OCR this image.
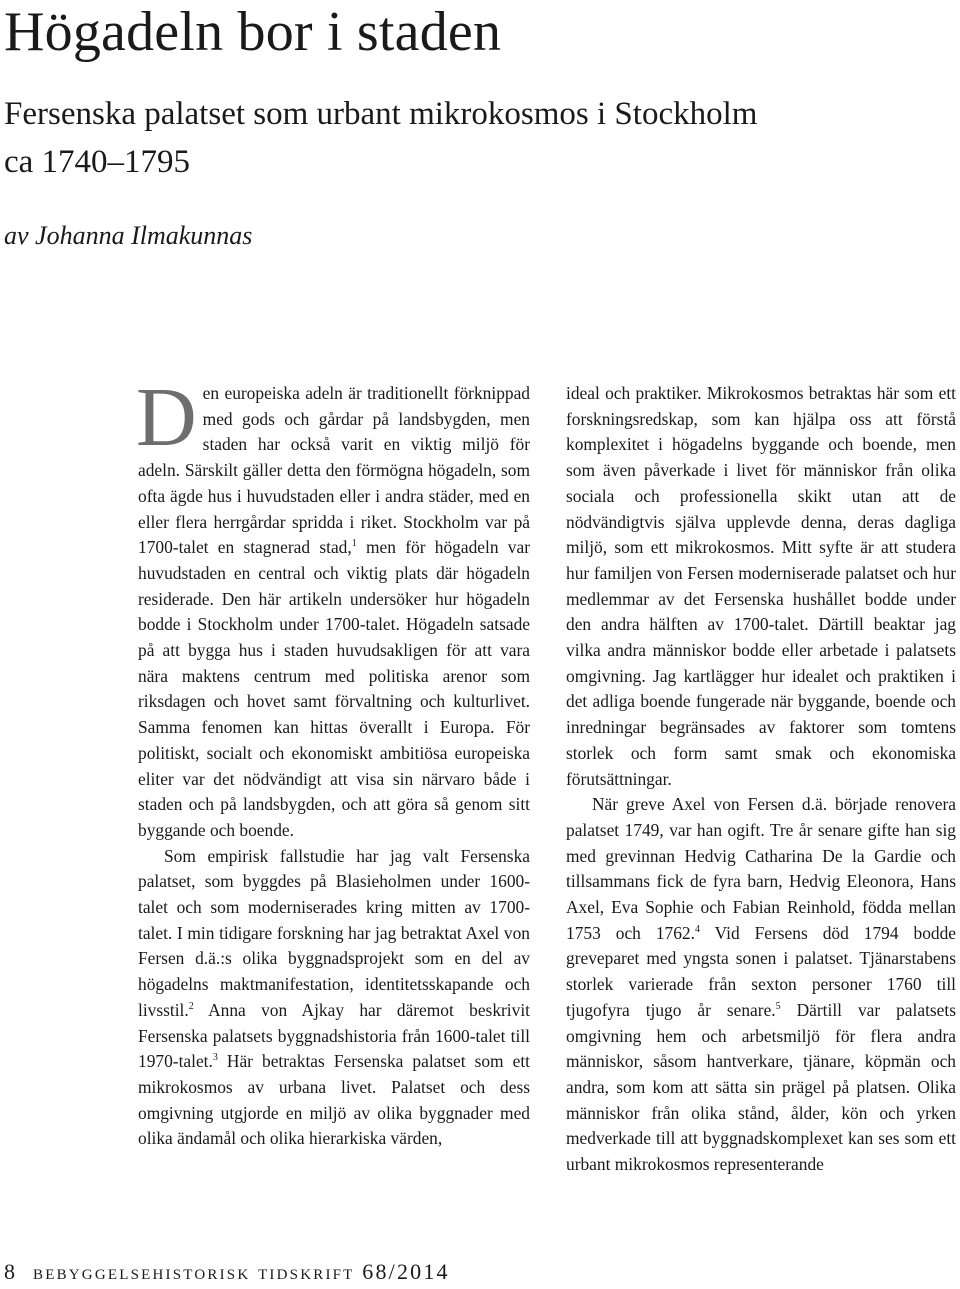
Högadeln bor i staden
Fersenska palatset som urbant mikrokosmos i Stockholm
ca 1740–1795
av Johanna Ilmakunnas

Den europeiska adeln är traditionellt förknippad med gods och gårdar på landsbygden, men staden har också varit en viktig miljö för adeln. Särskilt gäller detta den förmögna högadeln, som ofta ägde hus i huvudstaden eller i andra städer, med en eller flera herrgårdar spridda i riket. Stockholm var på 1700-talet en stagnerad stad,$^1$ men för högadeln var huvudstaden en central och viktig plats där högadeln residerade. Den här artikeln undersöker hur högadeln bodde i Stockholm under 1700-talet. Högadeln satsade på att bygga hus i staden huvudsakligen för att vara nära maktens centrum med politiska arenor som riksdagen och hovet samt förvaltning och kulturlivet. Samma fenomen kan hittas överallt i Europa. För politiskt, socialt och ekonomiskt ambitiösa europeiska eliter var det nödvändigt att visa sin närvaro både i staden och på landsbygden, och att göra så genom sitt byggande och boende.

Som empirisk fallstudie har jag valt Fersenska palatset, som byggdes på Blasieholmen under 1600-talet och som moderniserades kring mitten av 1700-talet. I min tidigare forskning har jag betraktat Axel von Fersen d.ä.:s olika byggnadsprojekt som en del av högadelns maktmanifestation, identitetsskapande och livsstil.$^2$ Anna von Ajkay har däremot beskrivit Fersenska palatsets byggnadshistoria från 1600-talet till 1970-talet.$^3$ Här betraktas Fersenska palatset som ett mikrokosmos av urbana livet. Palatset och dess omgivning utgjorde en miljö av olika byggnader med olika ändamål och olika hierarkiska värden,

ideal och praktiker. Mikrokosmos betraktas här som ett forskningsredskap, som kan hjälpa oss att förstå komplexitet i högadelns byggande och boende, men som även påverkade i livet för människor från olika sociala och professionella skikt utan att de nödvändigtvis själva upplevde denna, deras dagliga miljö, som ett mikrokosmos. Mitt syfte är att studera hur familjen von Fersen moderniserade palatset och hur medlemmar av det Fersenska hushållet bodde under den andra hälften av 1700-talet. Därtill beaktar jag vilka andra människor bodde eller arbetade i palatsets omgivning. Jag kartlägger hur idealet och praktiken i det adliga boende fungerade när byggande, boende och inredningar begränsades av faktorer som tomtens storlek och form samt smak och ekonomiska förutsättningar.

När greve Axel von Fersen d.ä. började renovera palatset 1749, var han ogift. Tre år senare gifte han sig med grevinnan Hedvig Catharina De la Gardie och tillsammans fick de fyra barn, Hedvig Eleonora, Hans Axel, Eva Sophie och Fabian Reinhold, födda mellan 1753 och 1762.$^4$ Vid Fersens död 1794 bodde greveparet med yngsta sonen i palatset. Tjänarstabens storlek varierade från sexton personer 1760 till tjugofyra tjugo år senare.$^5$ Därtill var palatsets omgivning hem och arbetsmiljö för flera andra människor, såsom hantverkare, tjänare, köpmän och andra, som kom att sätta sin prägel på platsen. Olika människor från olika stånd, ålder, kön och yrken medverkade till att byggnadskomplexet kan ses som ett urbant mikrokosmos representerande

8 bebyggelsehistorisk tidskrift 68/2014
